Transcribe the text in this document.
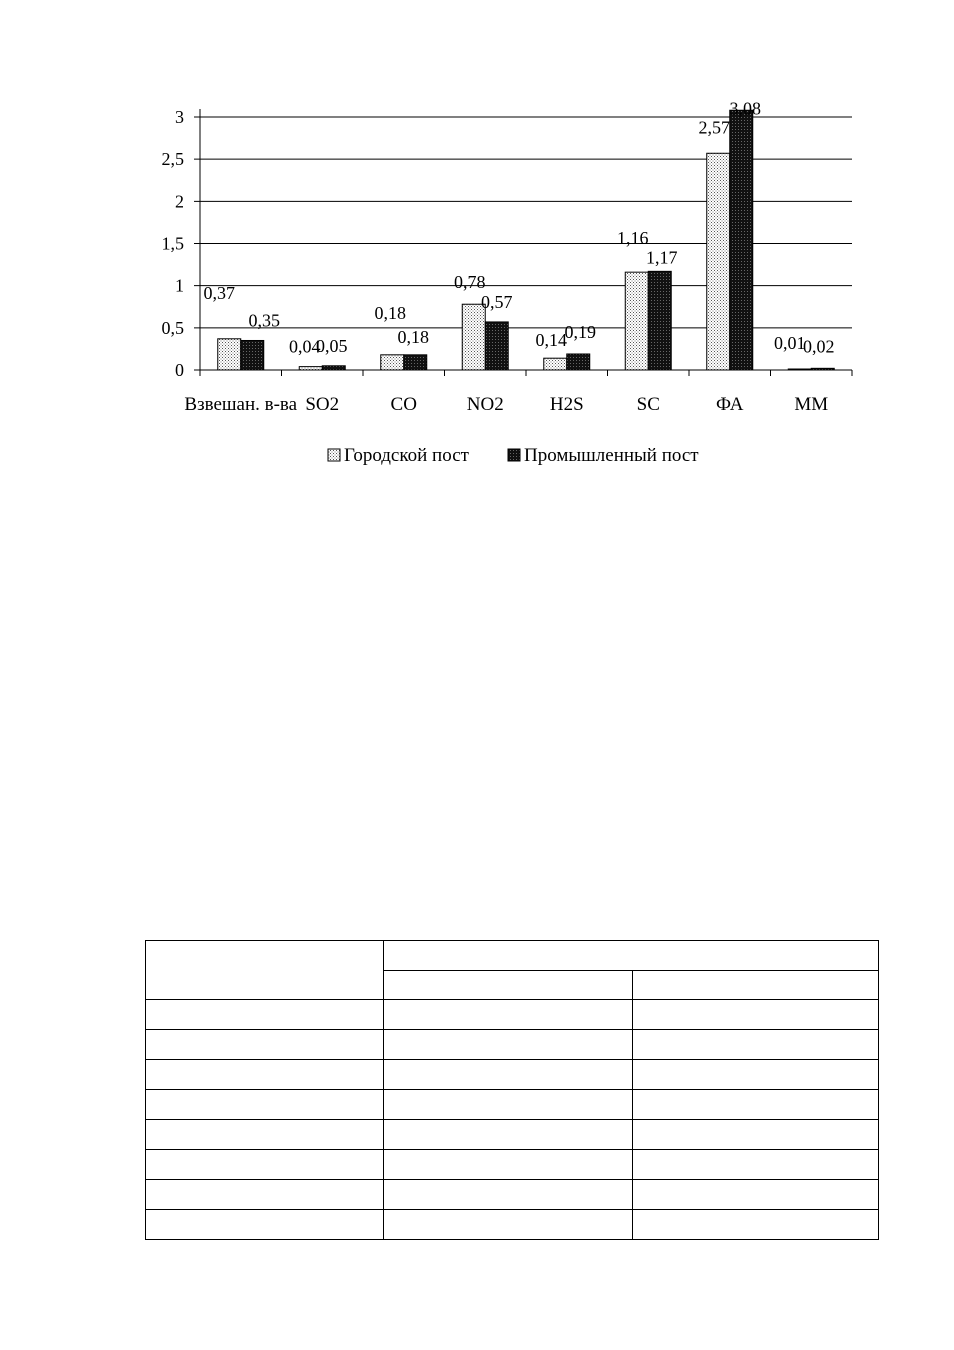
0,37
0,35
0,04
0,05
0,18
0,18
0,78
0,57
0,14
0,19
1,16
1,17
2,57
3,08
0,01
0,02
0
0,5
1
1,5
2
2,5
3
Взвешан. в-ва SO2	CO	NO2 H2S	SC	ФА	ММ
Городской пост	Промышленный пост
